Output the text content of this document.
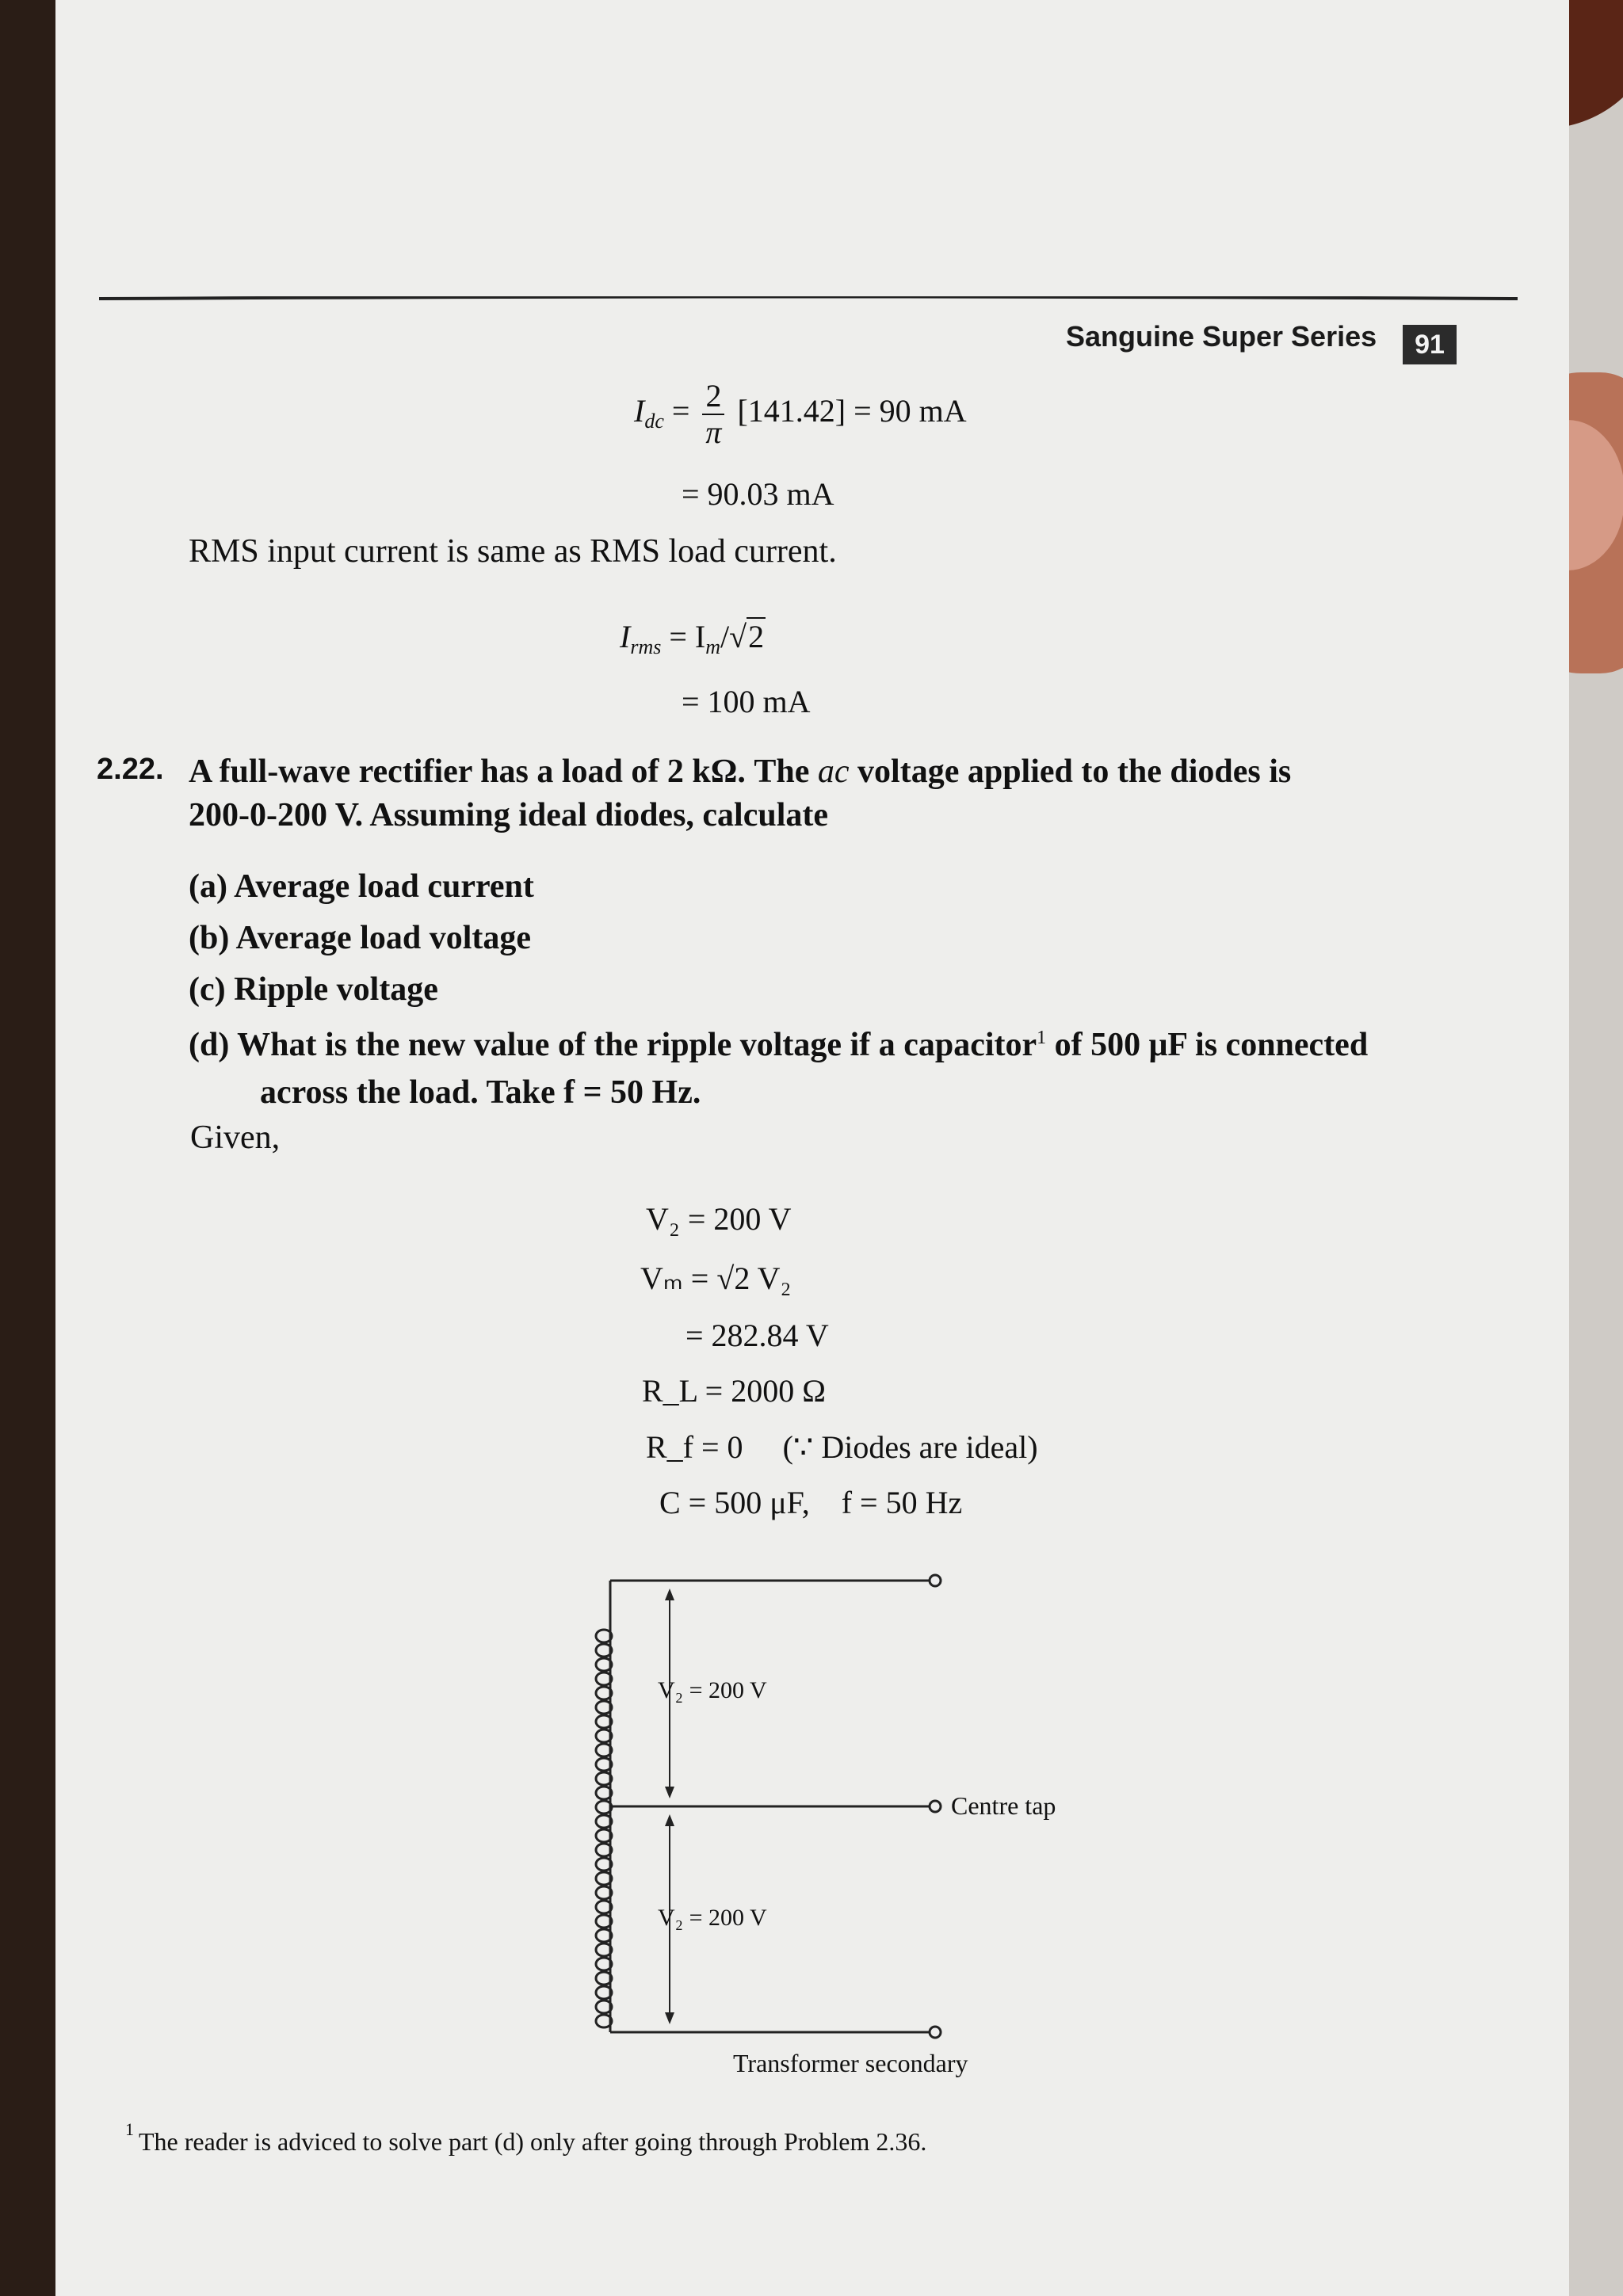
Sanguine Super Series	91
$I_{dc} = \frac{2}{\pi} [141.42] = 90$ mA
= 90.03 mA
RMS input current is same as RMS load current.
$I_{rms} = I_m/√2$
= 100 mA
2.22. A full-wave rectifier has a load of 2 kΩ. The ac voltage applied to the diodes is
200-0-200 V. Assuming ideal diodes, calculate
(a) Average load current
(b) Average load voltage
(c) Ripple voltage
(d) What is the new value of the ripple voltage if a capacitor$^1$ of 500 μF is connected
across the load. Take f = 50 Hz.
Given,
V₂ = 200 V
Vₘ = √2 V₂
= 282.84 V
R_L = 2000 Ω
R_f = 0 (∵ Diodes are ideal)
C = 500 μF, f = 50 Hz
V₂ = 200 V
V₂ = 200 V
Centre tap
Transformer secondary
1 The reader is adviced to solve part (d) only after going through Problem 2.36.
